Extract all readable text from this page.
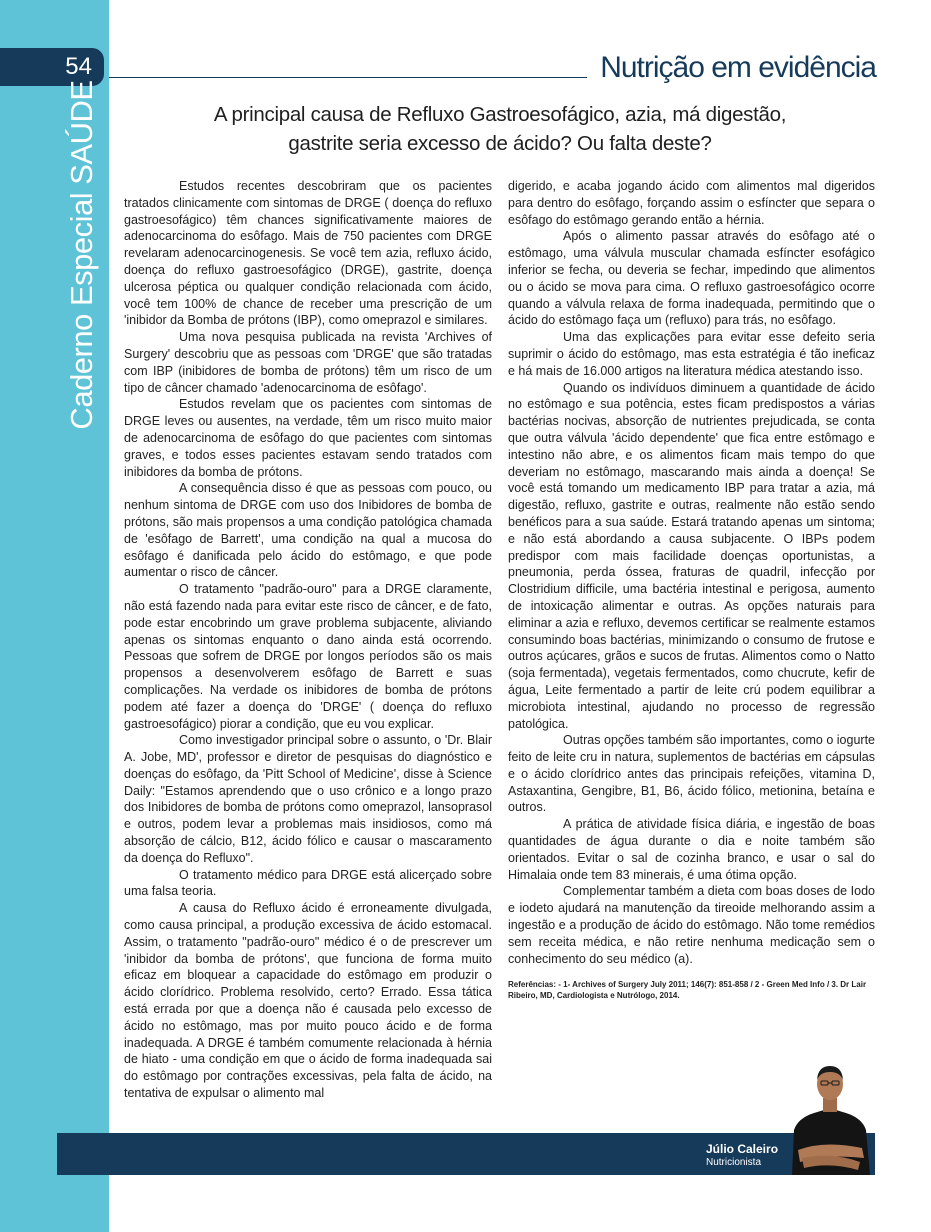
54
Caderno Especial SAÚDE
Nutrição em evidência
A principal causa de Refluxo Gastroesofágico, azia, má digestão,
gastrite seria excesso de ácido? Ou falta deste?

Estudos recentes descobriram que os pacientes tratados clinicamente com sintomas de DRGE ( doença do refluxo gastroesofágico) têm chances significativamente maiores de adenocarcinoma do esôfago. Mais de 750 pacientes com DRGE revelaram adenocarcinogenesis. Se você tem azia, refluxo ácido, doença do refluxo gastroesofágico (DRGE), gastrite, doença ulcerosa péptica ou qualquer condição relacionada com ácido, você tem 100% de chance de receber uma prescrição de um 'inibidor da Bomba de prótons (IBP), como omeprazol e similares.

Uma nova pesquisa publicada na revista 'Archives of Surgery' descobriu que as pessoas com 'DRGE' que são tratadas com IBP (inibidores de bomba de prótons) têm um risco de um tipo de câncer chamado 'adenocarcinoma de esôfago'.

Estudos revelam que os pacientes com sintomas de DRGE leves ou ausentes, na verdade, têm um risco muito maior de adenocarcinoma de esôfago do que pacientes com sintomas graves, e todos esses pacientes estavam sendo tratados com inibidores da bomba de prótons.

A consequência disso é que as pessoas com pouco, ou nenhum sintoma de DRGE com uso dos Inibidores de bomba de prótons, são mais propensos a uma condição patológica chamada de 'esôfago de Barrett', uma condição na qual a mucosa do esôfago é danificada pelo ácido do estômago, e que pode aumentar o risco de câncer.

O tratamento "padrão-ouro" para a DRGE claramente, não está fazendo nada para evitar este risco de câncer, e de fato, pode estar encobrindo um grave problema subjacente, aliviando apenas os sintomas enquanto o dano ainda está ocorrendo. Pessoas que sofrem de DRGE por longos períodos são os mais propensos a desenvolverem esôfago de Barrett e suas complicações. Na verdade os inibidores de bomba de prótons podem até fazer a doença do 'DRGE' ( doença do refluxo gastroesofágico) piorar a condição, que eu vou explicar.

Como investigador principal sobre o assunto, o 'Dr. Blair A. Jobe, MD', professor e diretor de pesquisas do diagnóstico e doenças do esôfago, da 'Pitt School of Medicine', disse à Science Daily: "Estamos aprendendo que o uso crônico e a longo prazo dos Inibidores de bomba de prótons como omeprazol, lansoprasol e outros, podem levar a problemas mais insidiosos, como má absorção de cálcio, B12, ácido fólico e causar o mascaramento da doença do Refluxo".

O tratamento médico para DRGE está alicerçado sobre uma falsa teoria.

A causa do Refluxo ácido é erroneamente divulgada, como causa principal, a produção excessiva de ácido estomacal. Assim, o tratamento "padrão-ouro" médico é o de prescrever um 'inibidor da bomba de prótons', que funciona de forma muito eficaz em bloquear a capacidade do estômago em produzir o ácido clorídrico. Problema resolvido, certo? Errado. Essa tática está errada por que a doença não é causada pelo excesso de ácido no estômago, mas por muito pouco ácido e de forma inadequada. A DRGE é também comumente relacionada à hérnia de hiato - uma condição em que o ácido de forma inadequada sai do estômago por contrações excessivas, pela falta de ácido, na tentativa de expulsar o alimento mal

digerido, e acaba jogando ácido com alimentos mal digeridos para dentro do esôfago, forçando assim o esfíncter que separa o esôfago do estômago gerando então a hérnia.

Após o alimento passar através do esôfago até o estômago, uma válvula muscular chamada esfíncter esofágico inferior se fecha, ou deveria se fechar, impedindo que alimentos ou o ácido se mova para cima. O refluxo gastroesofágico ocorre quando a válvula relaxa de forma inadequada, permitindo que o ácido do estômago faça um (refluxo) para trás, no esôfago.

Uma das explicações para evitar esse defeito seria suprimir o ácido do estômago, mas esta estratégia é tão ineficaz e há mais de 16.000 artigos na literatura médica atestando isso.

Quando os indivíduos diminuem a quantidade de ácido no estômago e sua potência, estes ficam predispostos a várias bactérias nocivas, absorção de nutrientes prejudicada, se conta que outra válvula 'ácido dependente' que fica entre estômago e intestino não abre, e os alimentos ficam mais tempo do que deveriam no estômago, mascarando mais ainda a doença! Se você está tomando um medicamento IBP para tratar a azia, má digestão, refluxo, gastrite e outras, realmente não estão sendo benéficos para a sua saúde. Estará tratando apenas um sintoma; e não está abordando a causa subjacente. O IBPs podem predispor com mais facilidade doenças oportunistas, a pneumonia, perda óssea, fraturas de quadril, infecção por Clostridium difficile, uma bactéria intestinal e perigosa, aumento de intoxicação alimentar e outras. As opções naturais para eliminar a azia e refluxo, devemos certificar se realmente estamos consumindo boas bactérias, minimizando o consumo de frutose e outros açúcares, grãos e sucos de frutas. Alimentos como o Natto (soja fermentada), vegetais fermentados, como chucrute, kefir de água, Leite fermentado a partir de leite crú podem equilibrar a microbiota intestinal, ajudando no processo de regressão patológica.

Outras opções também são importantes, como o iogurte feito de leite cru in natura, suplementos de bactérias em cápsulas e o ácido clorídrico antes das principais refeições, vitamina D, Astaxantina, Gengibre, B1, B6, ácido fólico, metionina, betaína e outros.

A prática de atividade física diária, e ingestão de boas quantidades de água durante o dia e noite também são orientados. Evitar o sal de cozinha branco, e usar o sal do Himalaia onde tem 83 minerais, é uma ótima opção.

Complementar também a dieta com boas doses de Iodo e iodeto ajudará na manutenção da tireoide melhorando assim a ingestão e a produção de ácido do estômago. Não tome remédios sem receita médica, e não retire nenhuma medicação sem o conhecimento do seu médico (a).

Referências: - 1- Archives of Surgery July 2011; 146(7): 851-858 / 2 - Green Med Info / 3. Dr Lair Ribeiro, MD, Cardiologista e Nutrólogo, 2014.
Júlio Caleiro
Nutricionista
